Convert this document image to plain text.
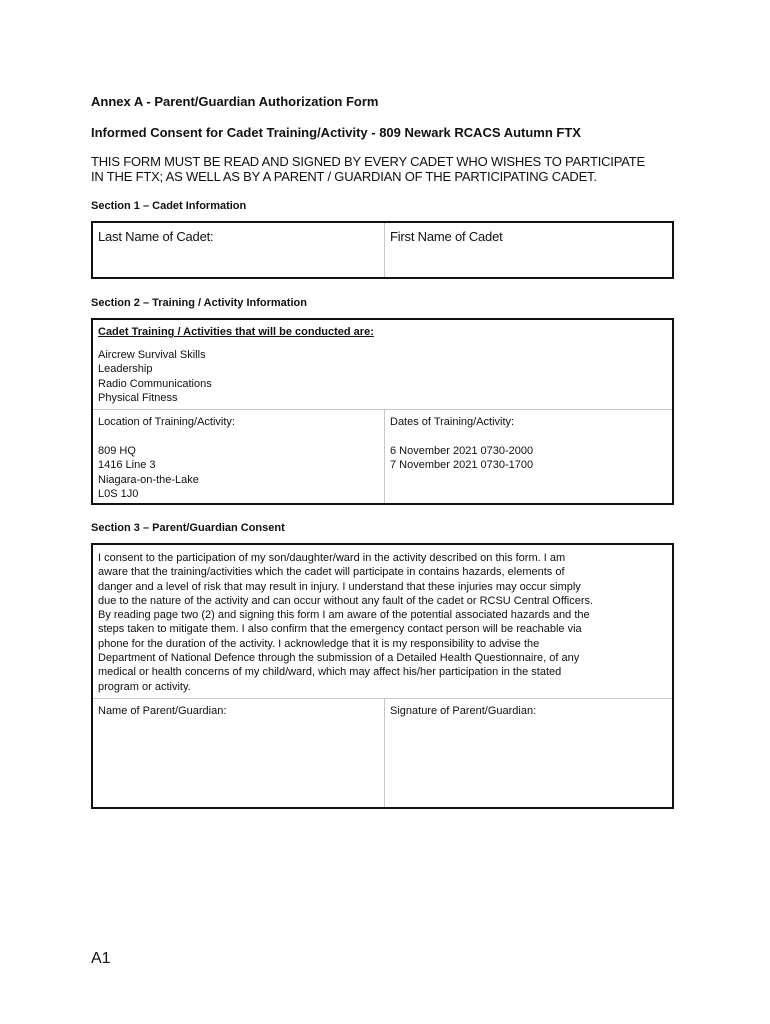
Annex A - Parent/Guardian Authorization Form
Informed Consent for Cadet Training/Activity - 809 Newark RCACS Autumn FTX
THIS FORM MUST BE READ AND SIGNED BY EVERY CADET WHO WISHES TO PARTICIPATE
IN THE FTX; AS WELL AS BY A PARENT / GUARDIAN OF THE PARTICIPATING CADET.
Section 1 – Cadet Information
Last Name of Cadet:	First Name of Cadet
Section 2 – Training / Activity Information
Cadet Training / Activities that will be conducted are:
Aircrew Survival Skills
Leadership
Radio Communications
Physical Fitness
Location of Training/Activity:
809 HQ
1416 Line 3
Niagara-on-the-Lake
L0S 1J0
Dates of Training/Activity:
6 November 2021 0730-2000
7 November 2021 0730-1700
Section 3 – Parent/Guardian Consent
I consent to the participation of my son/daughter/ward in the activity described on this form. I am
aware that the training/activities which the cadet will participate in contains hazards, elements of
danger and a level of risk that may result in injury. I understand that these injuries may occur simply
due to the nature of the activity and can occur without any fault of the cadet or RCSU Central Officers.
By reading page two (2) and signing this form I am aware of the potential associated hazards and the
steps taken to mitigate them. I also confirm that the emergency contact person will be reachable via
phone for the duration of the activity. I acknowledge that it is my responsibility to advise the
Department of National Defence through the submission of a Detailed Health Questionnaire, of any
medical or health concerns of my child/ward, which may affect his/her participation in the stated
program or activity.
Name of Parent/Guardian:	Signature of Parent/Guardian:
A1
